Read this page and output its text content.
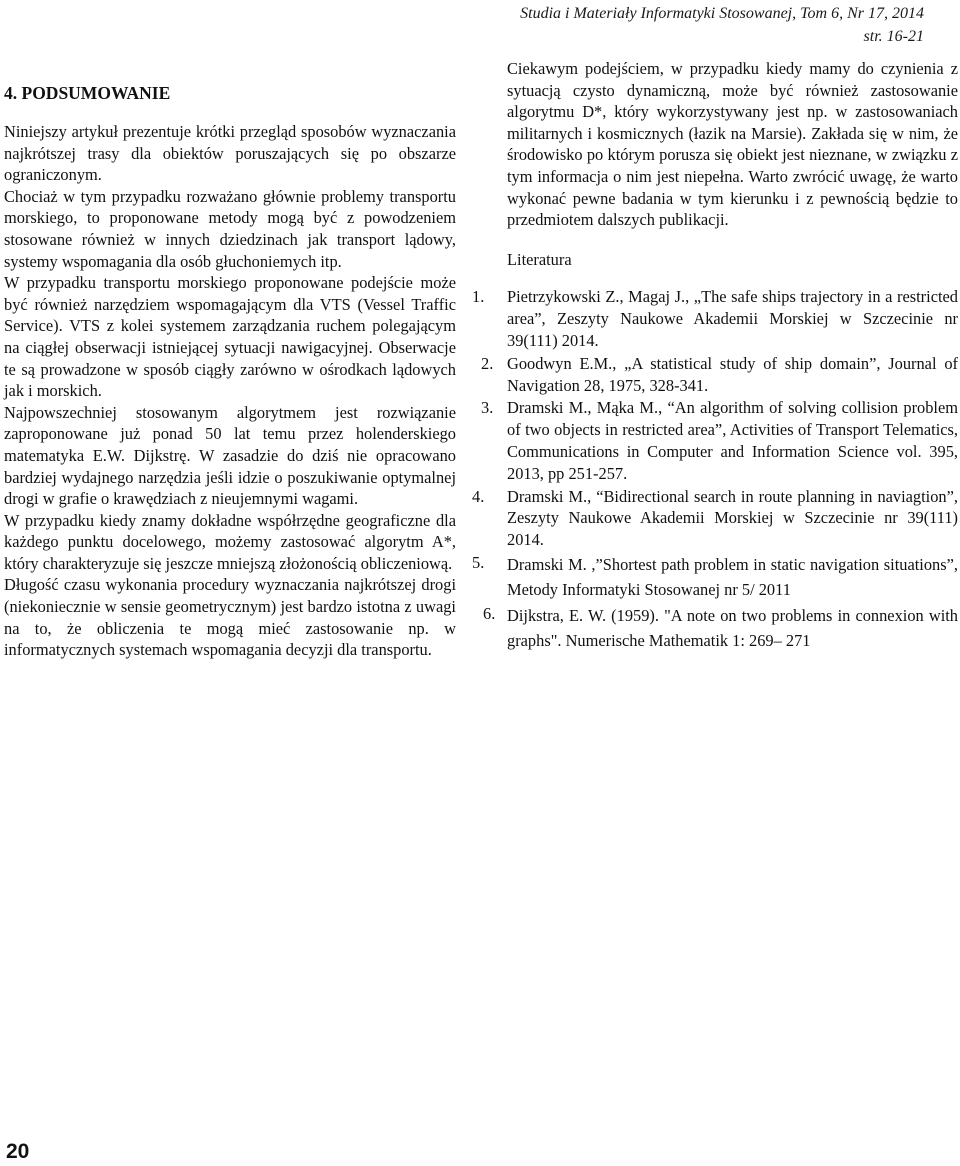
Studia i Materiały Informatyki Stosowanej, Tom 6, Nr 17, 2014
str. 16-21
4. PODSUMOWANIE

Niniejszy artykuł prezentuje krótki przegląd sposobów wyznaczania najkrótszej trasy dla obiektów poruszających się po obszarze ograniczonym.

Chociaż w tym przypadku rozważano głównie problemy transportu morskiego, to proponowane metody mogą być z powodzeniem stosowane również w innych dziedzinach jak transport lądowy, systemy wspomagania dla osób głuchoniemych itp.

W przypadku transportu morskiego proponowane podejście może być również narzędziem wspomagającym dla VTS (Vessel Traffic Service). VTS z kolei systemem zarządzania ruchem polegającym na ciągłej obserwacji istniejącej sytuacji nawigacyjnej. Obserwacje te są prowadzone w sposób ciągły zarówno w ośrodkach lądowych jak i morskich.

Najpowszechniej stosowanym algorytmem jest rozwiązanie zaproponowane już ponad 50 lat temu przez holenderskiego matematyka E.W. Dijkstrę. W zasadzie do dziś nie opracowano bardziej wydajnego narzędzia jeśli idzie o poszukiwanie optymalnej drogi w grafie o krawędziach z nieujemnymi wagami.

W przypadku kiedy znamy dokładne współrzędne geograficzne dla każdego punktu docelowego, możemy zastosować algorytm A*, który charakteryzuje się jeszcze mniejszą złożonością obliczeniową.

Długość czasu wykonania procedury wyznaczania najkrótszej drogi (niekoniecznie w sensie geometrycznym) jest bardzo istotna z uwagi na to, że obliczenia te mogą mieć zastosowanie np. w informatycznych systemach wspomagania decyzji dla transportu.

Ciekawym podejściem, w przypadku kiedy mamy do czynienia z sytuacją czysto dynamiczną, może być również zastosowanie algorytmu D*, który wykorzystywany jest np. w zastosowaniach militarnych i kosmicznych (łazik na Marsie). Zakłada się w nim, że środowisko po którym porusza się obiekt jest nieznane, w związku z tym informacja o nim jest niepełna. Warto zwrócić uwagę, że warto wykonać pewne badania w tym kierunku i z pewnością będzie to przedmiotem dalszych publikacji.

Literatura
1.	Pietrzykowski Z., Magaj J., „The safe ships trajectory in a restricted area”, Zeszyty Naukowe Akademii Morskiej w Szczecinie nr 39(111) 2014.
2. Goodwyn E.M., „A statistical study of ship domain”, Journal of Navigation 28, 1975, 328-341.
3. Dramski M., Mąka M., “An algorithm of solving collision problem of two objects in restricted area”, Activities of Transport Telematics, Communications in Computer and Information Science vol. 395, 2013, pp 251-257.
4.	Dramski M., “Bidirectional search in route planning in naviagtion”, Zeszyty Naukowe Akademii Morskiej w Szczecinie nr 39(111) 2014.
5.	Dramski M. ,”Shortest path problem in static navigation situations”, Metody Informatyki Stosowanej nr 5/ 2011
6. Dijkstra, E. W. (1959). "A note on two problems in connexion with graphs". Numerische Mathematik 1: 269– 271
20
